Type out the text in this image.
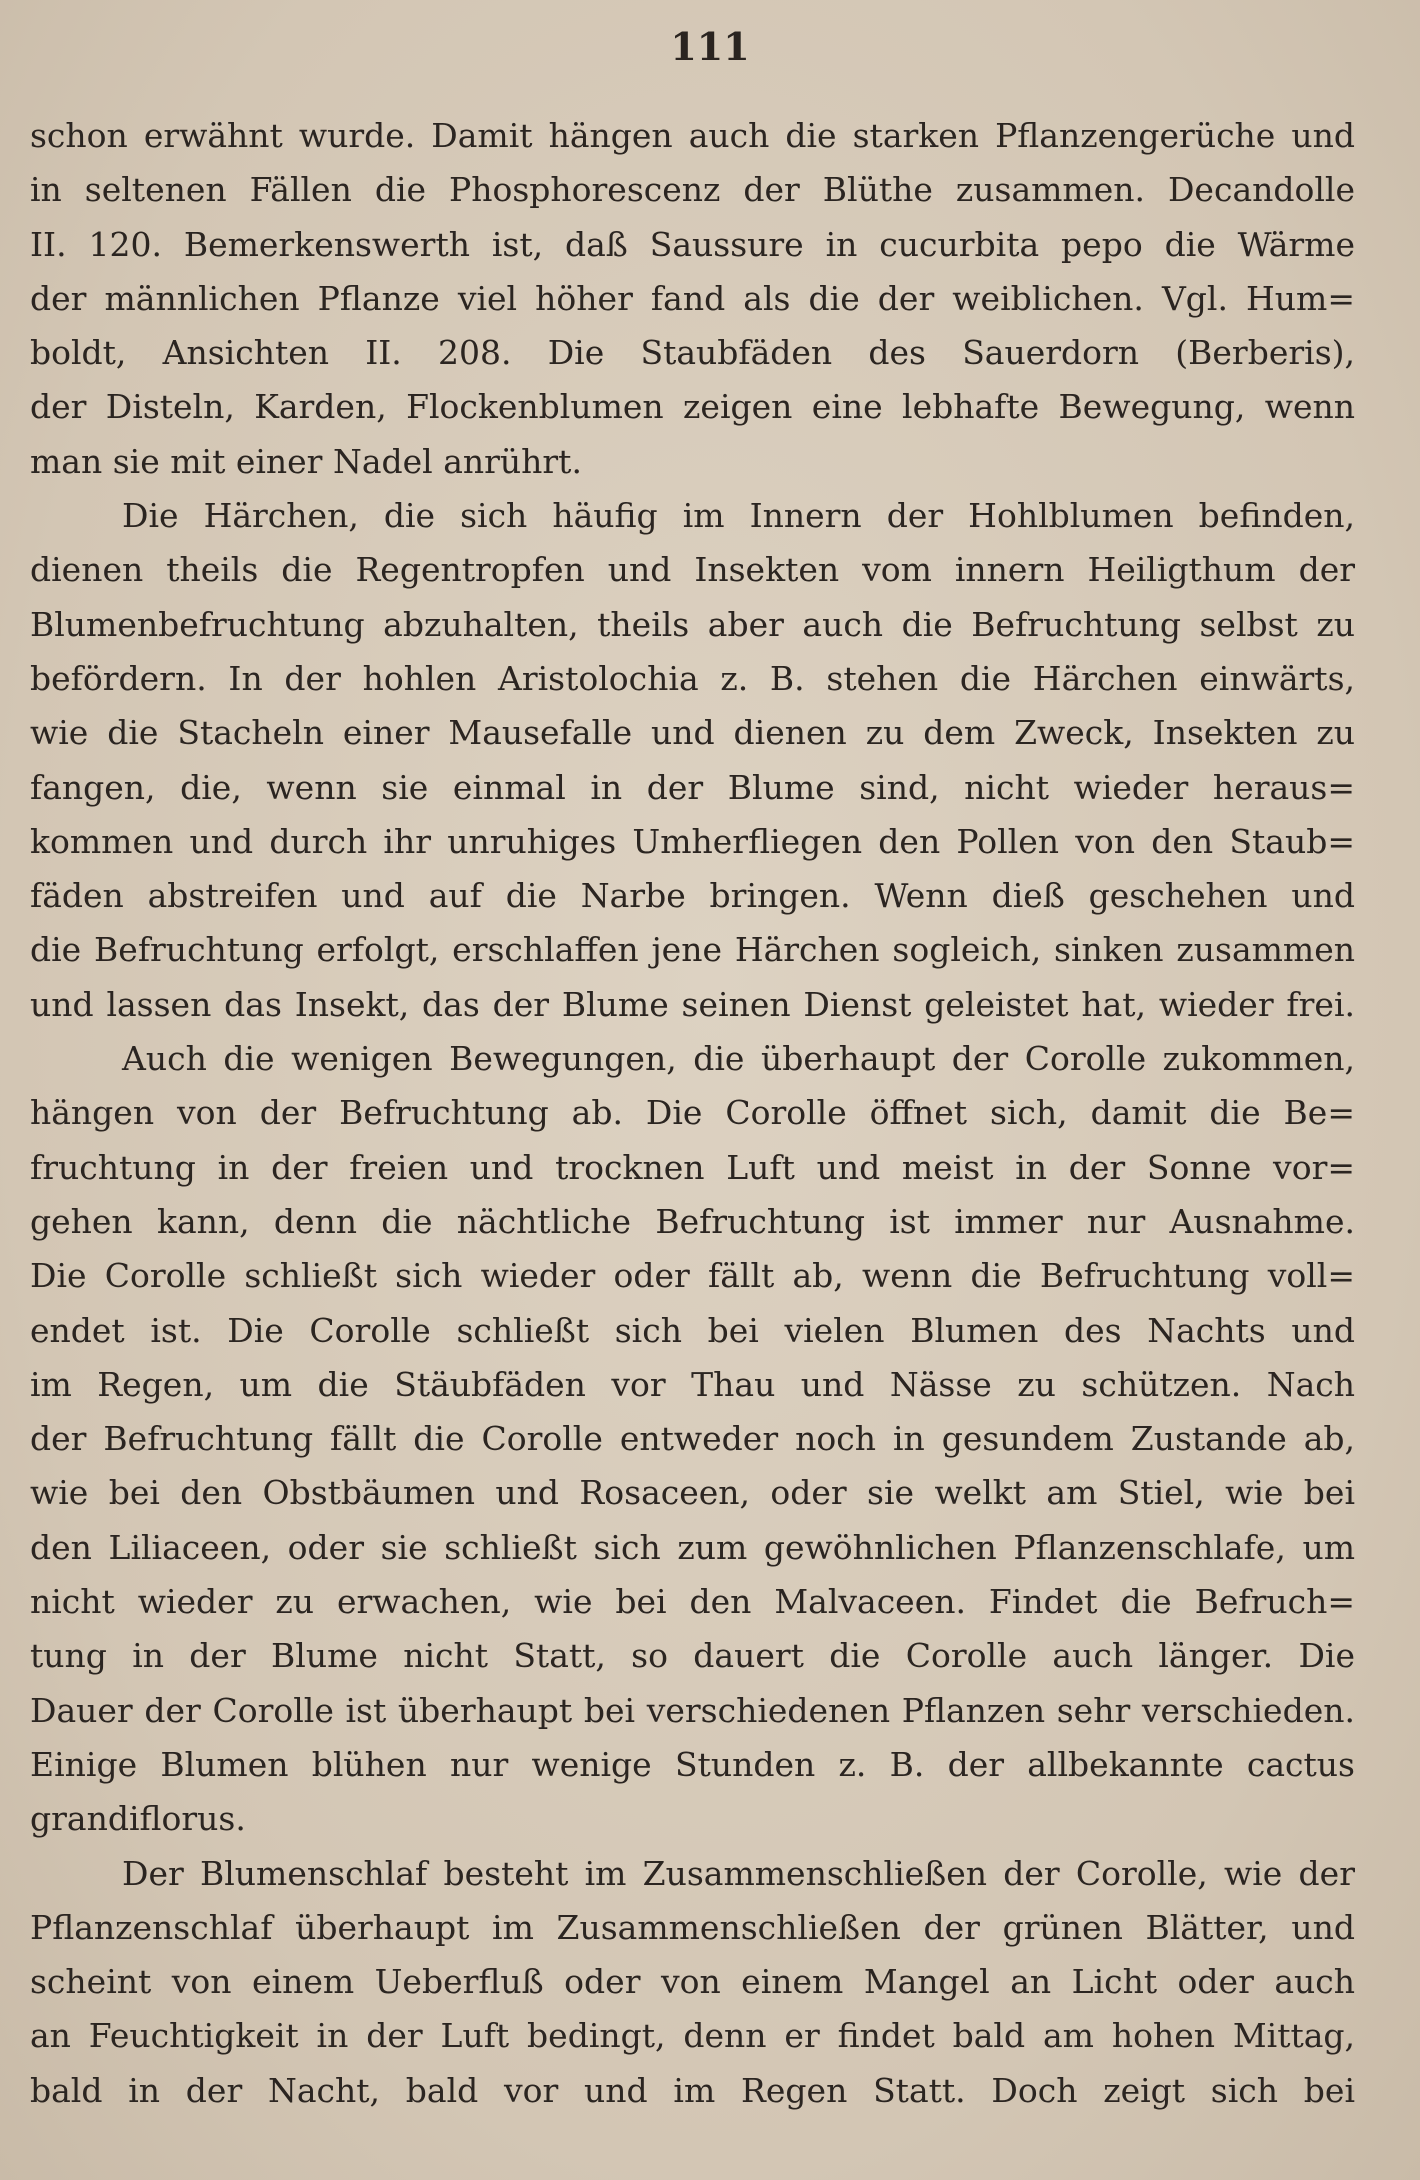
111
schon erwähnt wurde. Damit hängen auch die starken Pflanzengerüche und
in seltenen Fällen die Phosphorescenz der Blüthe zusammen. Decandolle
II. 120. Bemerkenswerth ist, daß Saussure in cucurbita pepo die Wärme
der männlichen Pflanze viel höher fand als die der weiblichen. Vgl. Hum=
boldt, Ansichten II. 208. Die Staubfäden des Sauerdorn (Berberis),
der Disteln, Karden, Flockenblumen zeigen eine lebhafte Bewegung, wenn
man sie mit einer Nadel anrührt.
Die Härchen, die sich häufig im Innern der Hohlblumen befinden,
dienen theils die Regentropfen und Insekten vom innern Heiligthum der
Blumenbefruchtung abzuhalten, theils aber auch die Befruchtung selbst zu
befördern. In der hohlen Aristolochia z. B. stehen die Härchen einwärts,
wie die Stacheln einer Mausefalle und dienen zu dem Zweck, Insekten zu
fangen, die, wenn sie einmal in der Blume sind, nicht wieder heraus=
kommen und durch ihr unruhiges Umherfliegen den Pollen von den Staub=
fäden abstreifen und auf die Narbe bringen. Wenn dieß geschehen und
die Befruchtung erfolgt, erschlaffen jene Härchen sogleich, sinken zusammen
und lassen das Insekt, das der Blume seinen Dienst geleistet hat, wieder frei.
Auch die wenigen Bewegungen, die überhaupt der Corolle zukommen,
hängen von der Befruchtung ab. Die Corolle öffnet sich, damit die Be=
fruchtung in der freien und trocknen Luft und meist in der Sonne vor=
gehen kann, denn die nächtliche Befruchtung ist immer nur Ausnahme.
Die Corolle schließt sich wieder oder fällt ab, wenn die Befruchtung voll=
endet ist. Die Corolle schließt sich bei vielen Blumen des Nachts und
im Regen, um die Stäubfäden vor Thau und Nässe zu schützen. Nach
der Befruchtung fällt die Corolle entweder noch in gesundem Zustande ab,
wie bei den Obstbäumen und Rosaceen, oder sie welkt am Stiel, wie bei
den Liliaceen, oder sie schließt sich zum gewöhnlichen Pflanzenschlafe, um
nicht wieder zu erwachen, wie bei den Malvaceen. Findet die Befruch=
tung in der Blume nicht Statt, so dauert die Corolle auch länger. Die
Dauer der Corolle ist überhaupt bei verschiedenen Pflanzen sehr verschieden.
Einige Blumen blühen nur wenige Stunden z. B. der allbekannte cactus
grandiflorus.
Der Blumenschlaf besteht im Zusammenschließen der Corolle, wie der
Pflanzenschlaf überhaupt im Zusammenschließen der grünen Blätter, und
scheint von einem Ueberfluß oder von einem Mangel an Licht oder auch
an Feuchtigkeit in der Luft bedingt, denn er findet bald am hohen Mittag,
bald in der Nacht, bald vor und im Regen Statt. Doch zeigt sich bei
